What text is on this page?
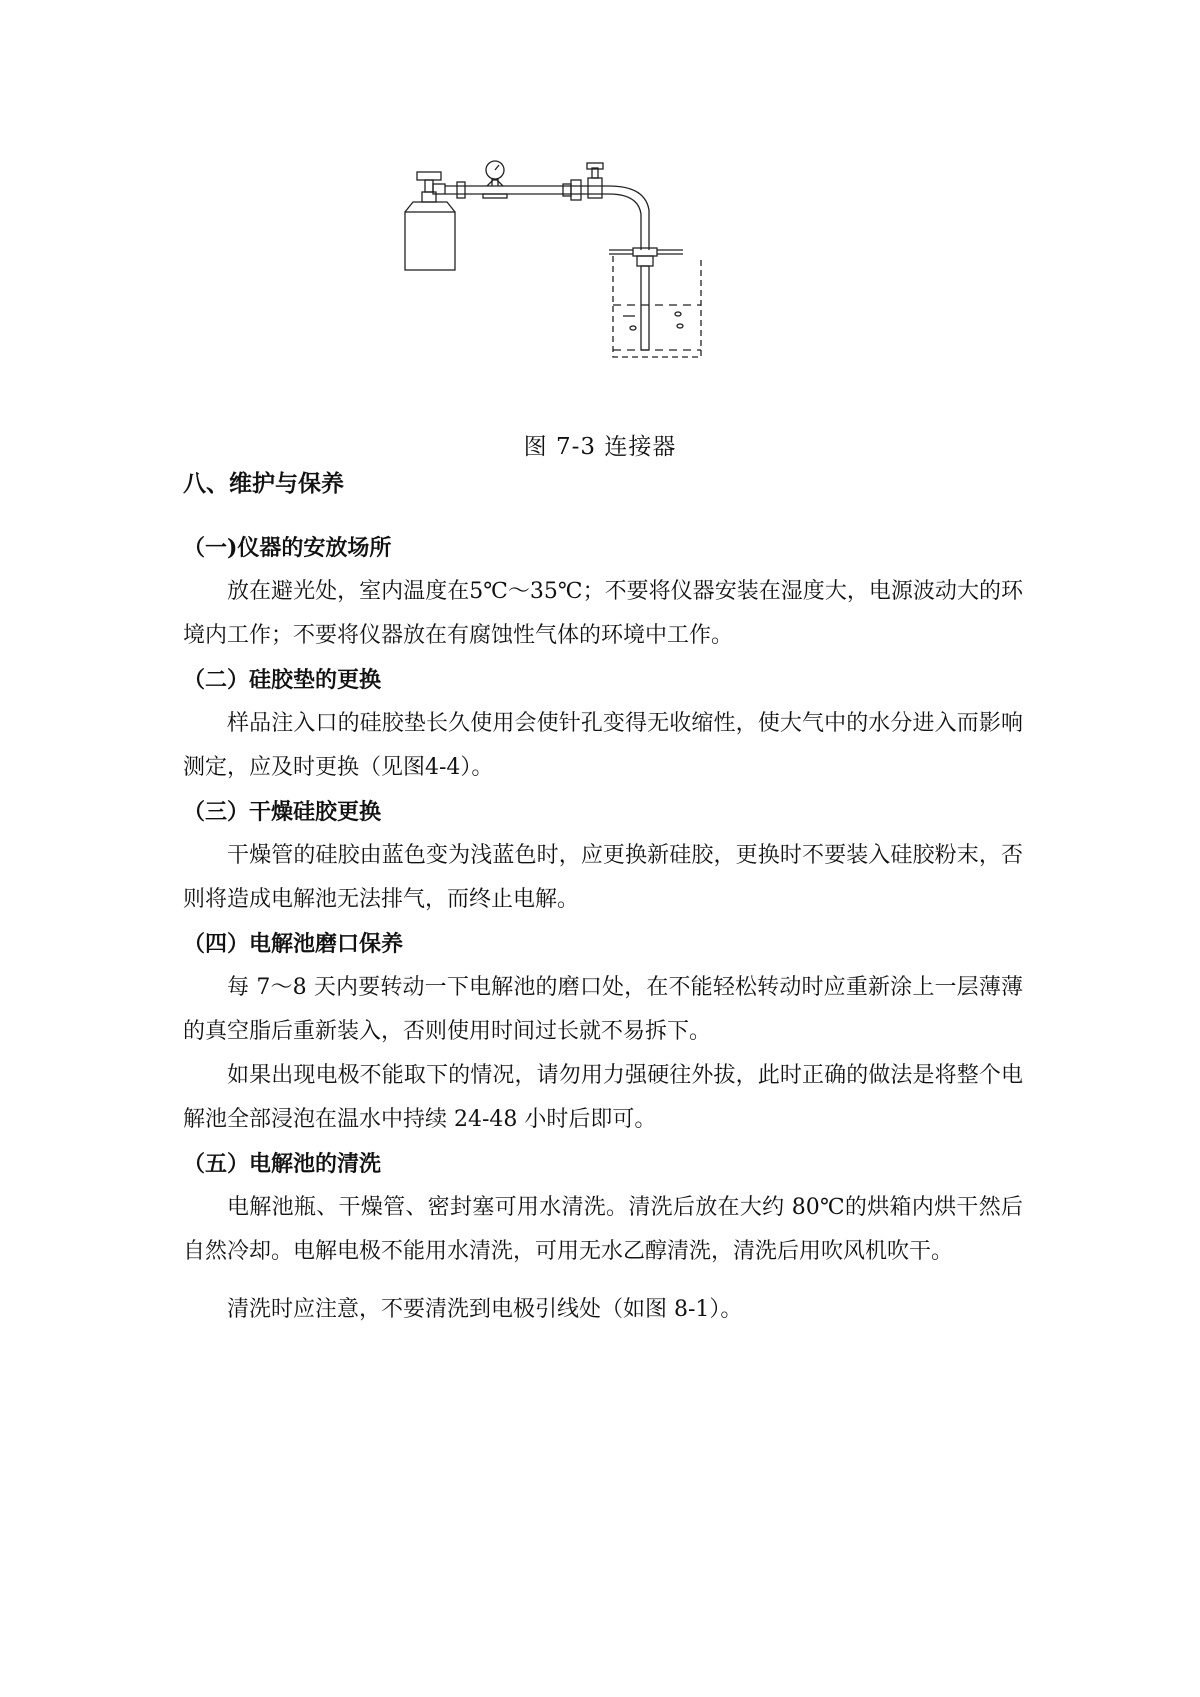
图 7-3 连接器
八、维护与保养
（一)仪器的安放场所

放在避光处，室内温度在5℃～35℃；不要将仪器安装在湿度大，电源波动大的环境内工作；不要将仪器放在有腐蚀性气体的环境中工作。

（二）硅胶垫的更换

样品注入口的硅胶垫长久使用会使针孔变得无收缩性，使大气中的水分进入而影响测定，应及时更换（见图4-4）。

（三）干燥硅胶更换

干燥管的硅胶由蓝色变为浅蓝色时，应更换新硅胶，更换时不要装入硅胶粉末，否则将造成电解池无法排气，而终止电解。

（四）电解池磨口保养

每 7～8 天内要转动一下电解池的磨口处，在不能轻松转动时应重新涂上一层薄薄的真空脂后重新装入，否则使用时间过长就不易拆下。

如果出现电极不能取下的情况，请勿用力强硬往外拔，此时正确的做法是将整个电解池全部浸泡在温水中持续 24-48 小时后即可。

（五）电解池的清洗

电解池瓶、干燥管、密封塞可用水清洗。清洗后放在大约 80℃的烘箱内烘干然后自然冷却。电解电极不能用水清洗，可用无水乙醇清洗，清洗后用吹风机吹干。

清洗时应注意，不要清洗到电极引线处（如图 8-1）。
